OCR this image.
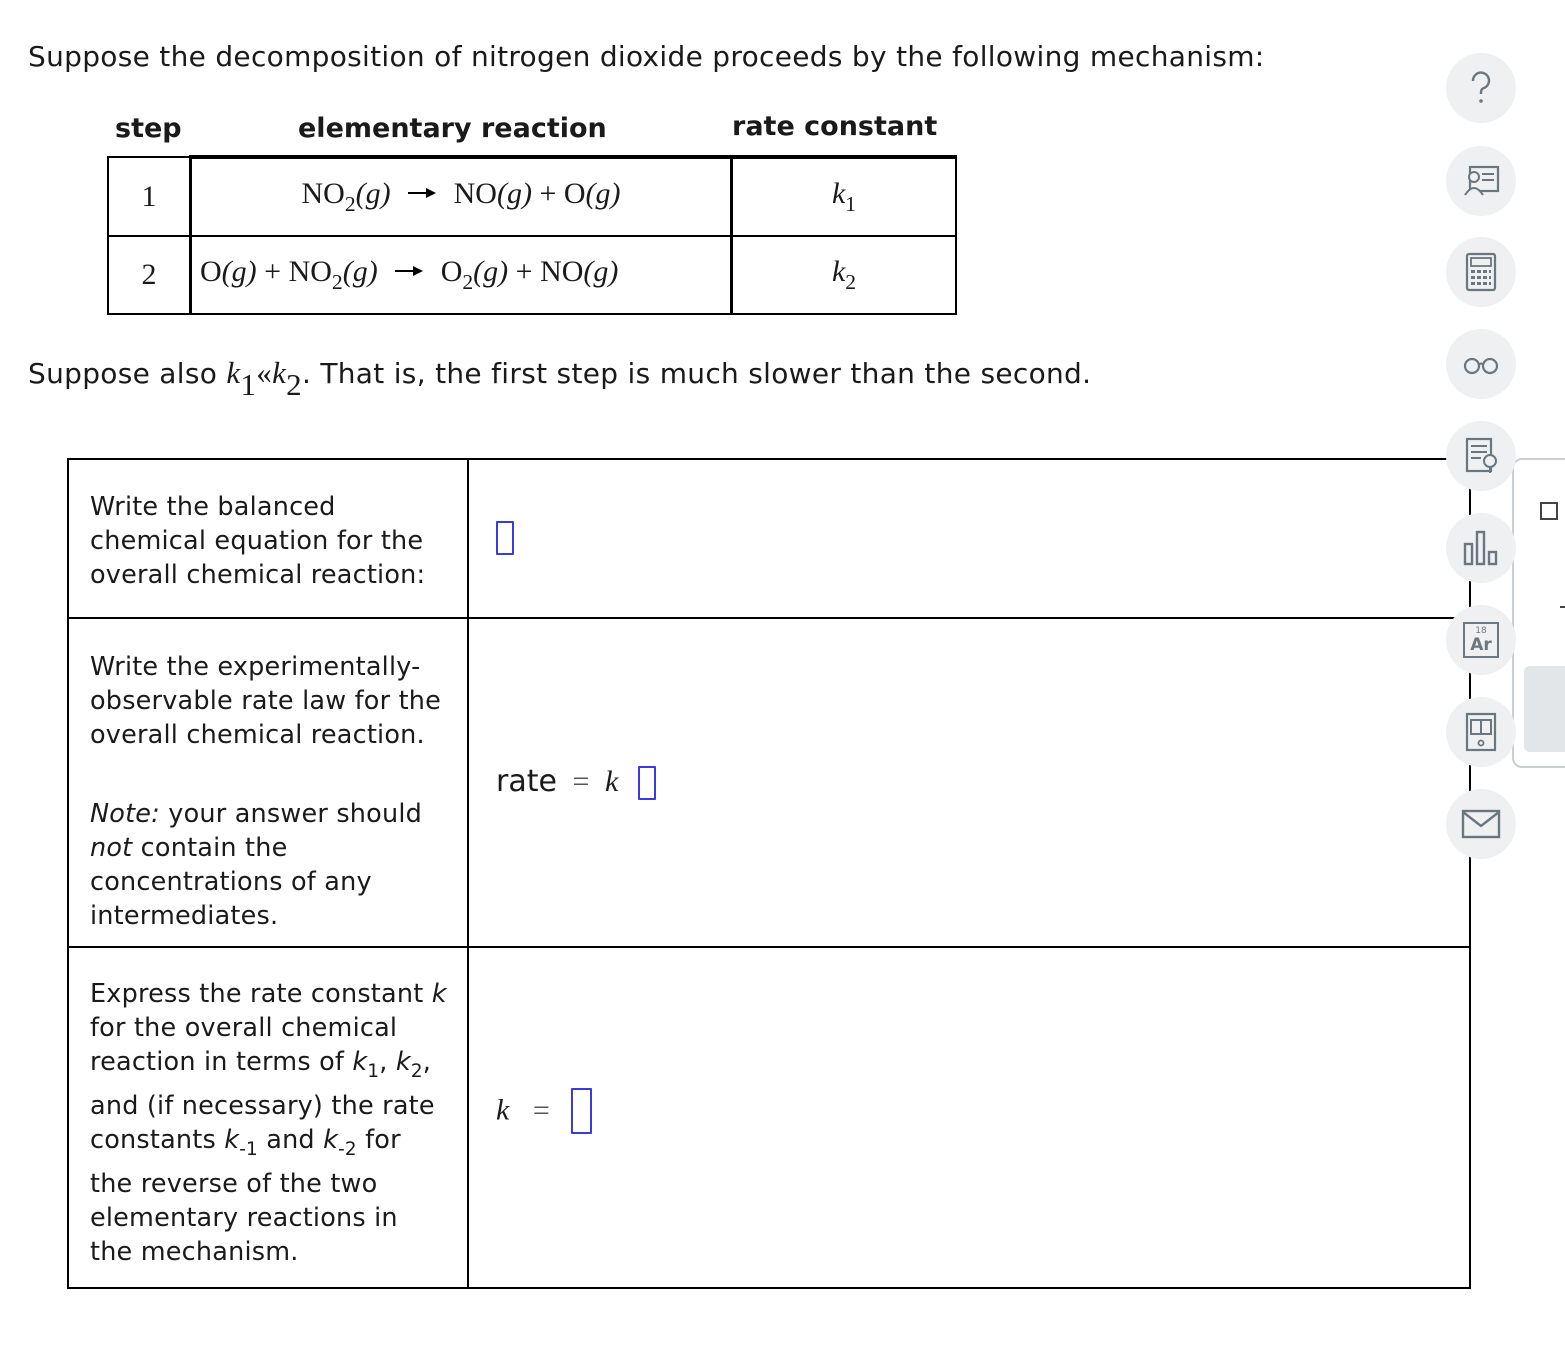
Suppose the decomposition of nitrogen dioxide proceeds by the following mechanism:
step	elementary reaction	rate constant
1	$NO_2(g) NO(g) + O(g)$	$k_1$
2	$O(g) + NO_2(g) O_2(g) + NO(g)$	$k_2$
Suppose also $k_1«k_2$. That is, the first step is much slower than the second.
Write the balanced chemical equation for the overall chemical reaction:	

Write the experimentally-observable rate law for the overall chemical reaction.
Note: your answer should not contain the concentrations of any intermediates.	rate = k

Express the rate constant k for the overall chemical reaction in terms of $k_1$, $k_2$, and (if necessary) the rate constants $k_{-1}$ and $k_{-2}$ for the reverse of the two elementary reactions in the mechanism.	k =
18
Ar
